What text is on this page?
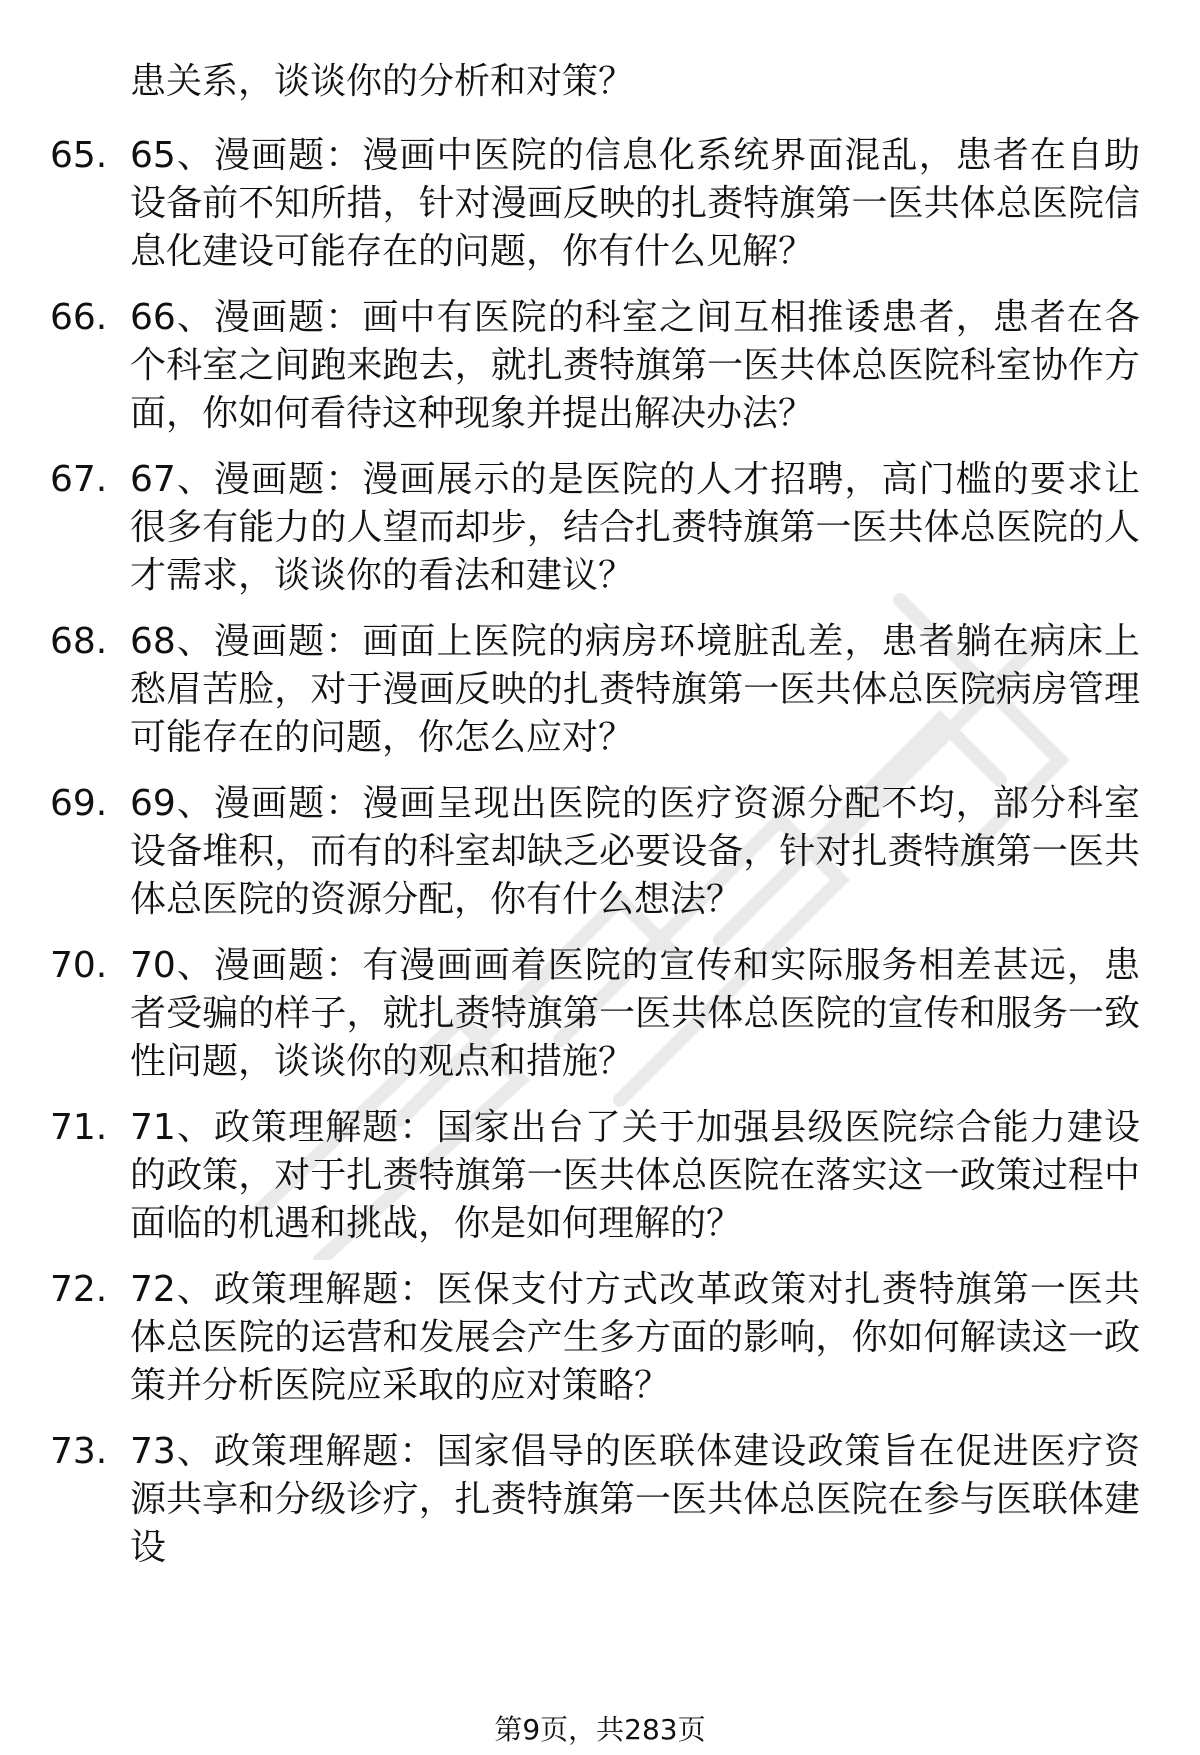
患关系，谈谈你的分析和对策？
65. 65、漫画题：漫画中医院的信息化系统界面混乱，患者在自助设备前不知所措，针对漫画反映的扎赉特旗第一医共体总医院信息化建设可能存在的问题，你有什么见解？
66. 66、漫画题：画中有医院的科室之间互相推诿患者，患者在各个科室之间跑来跑去，就扎赉特旗第一医共体总医院科室协作方面，你如何看待这种现象并提出解决办法？
67. 67、漫画题：漫画展示的是医院的人才招聘，高门槛的要求让很多有能力的人望而却步，结合扎赉特旗第一医共体总医院的人才需求，谈谈你的看法和建议？
68. 68、漫画题：画面上医院的病房环境脏乱差，患者躺在病床上愁眉苦脸，对于漫画反映的扎赉特旗第一医共体总医院病房管理可能存在的问题，你怎么应对？
69. 69、漫画题：漫画呈现出医院的医疗资源分配不均，部分科室设备堆积，而有的科室却缺乏必要设备，针对扎赉特旗第一医共体总医院的资源分配，你有什么想法？
70. 70、漫画题：有漫画画着医院的宣传和实际服务相差甚远，患者受骗的样子，就扎赉特旗第一医共体总医院的宣传和服务一致性问题，谈谈你的观点和措施？
71. 71、政策理解题：国家出台了关于加强县级医院综合能力建设的政策，对于扎赉特旗第一医共体总医院在落实这一政策过程中面临的机遇和挑战，你是如何理解的？
72. 72、政策理解题：医保支付方式改革政策对扎赉特旗第一医共体总医院的运营和发展会产生多方面的影响，你如何解读这一政策并分析医院应采取的应对策略？
73. 73、政策理解题：国家倡导的医联体建设政策旨在促进医疗资源共享和分级诊疗，扎赉特旗第一医共体总医院在参与医联体建设
第9页，共283页
